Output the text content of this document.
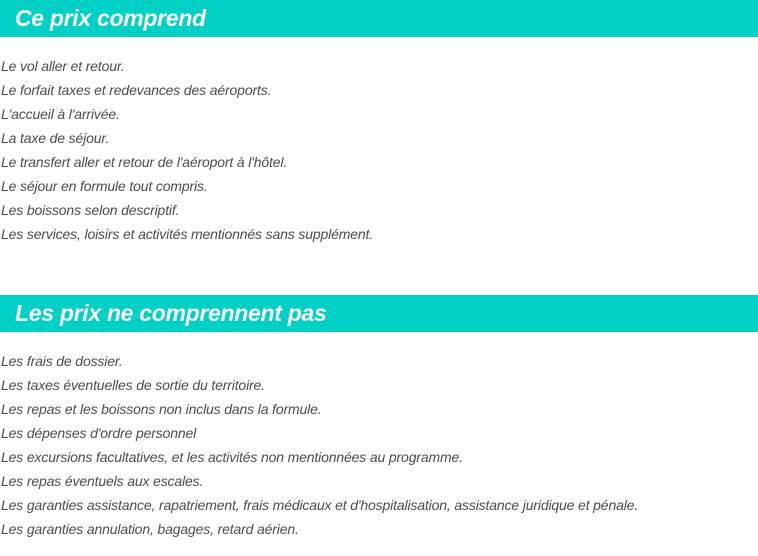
Ce prix comprend
Le vol aller et retour.
Le forfait taxes et redevances des aéroports.
L'accueil à l'arrivée.
La taxe de séjour.
Le transfert aller et retour de l'aéroport à l'hôtel.
Le séjour en formule tout compris.
Les boissons selon descriptif.
Les services, loisirs et activités mentionnés sans supplément.
Les prix ne comprennent pas
Les frais de dossier.
Les taxes éventuelles de sortie du territoire.
Les repas et les boissons non inclus dans la formule.
Les dépenses d'ordre personnel
Les excursions facultatives, et les activités non mentionnées au programme.
Les repas éventuels aux escales.
Les garanties assistance, rapatriement, frais médicaux et d'hospitalisation, assistance juridique et pénale.
Les garanties annulation, bagages, retard aérien.
